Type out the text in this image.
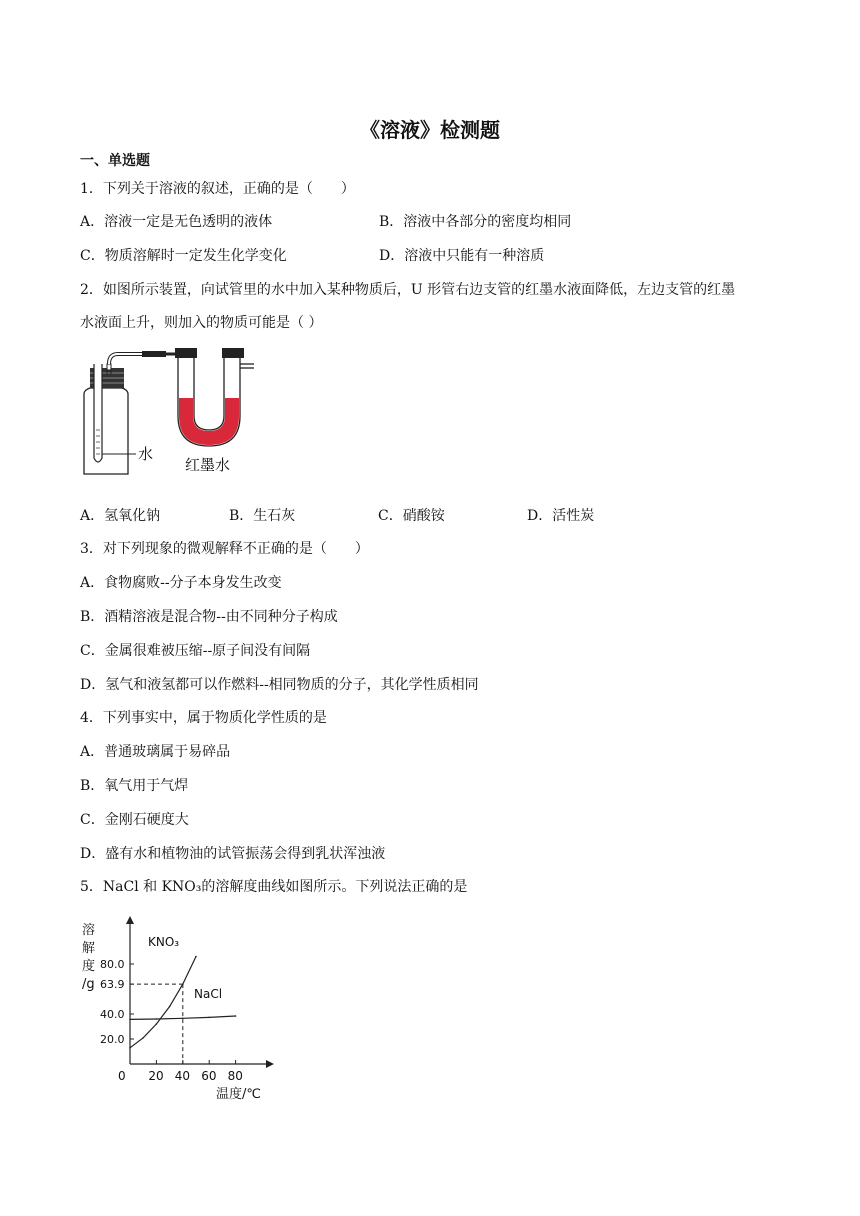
《溶液》检测题
一、单选题
1．下列关于溶液的叙述，正确的是（　　）
A．溶液一定是无色透明的液体	B．溶液中各部分的密度均相同
C．物质溶解时一定发生化学变化	D．溶液中只能有一种溶质
2．如图所示装置，向试管里的水中加入某种物质后，U 形管右边支管的红墨水液面降低，左边支管的红墨
水液面上升，则加入的物质可能是（ ）
水
红墨水
A．氢氧化钠	B．生石灰	C．硝酸铵	D．活性炭
3．对下列现象的微观解释不正确的是（　　）
A．食物腐败--分子本身发生改变
B．酒精溶液是混合物--由不同种分子构成
C．金属很难被压缩--原子间没有间隔
D．氢气和液氢都可以作燃料--相同物质的分子，其化学性质相同
4．下列事实中，属于物质化学性质的是
A．普通玻璃属于易碎品
B．氧气用于气焊
C．金刚石硬度大
D．盛有水和植物油的试管振荡会得到乳状浑浊液
5．NaCl 和 KNO₃的溶解度曲线如图所示。下列说法正确的是
溶
解
度
/g
温度/℃
0 20 40 60 80
20.0
40.0
63.9
80.0
KNO₃
NaCl
